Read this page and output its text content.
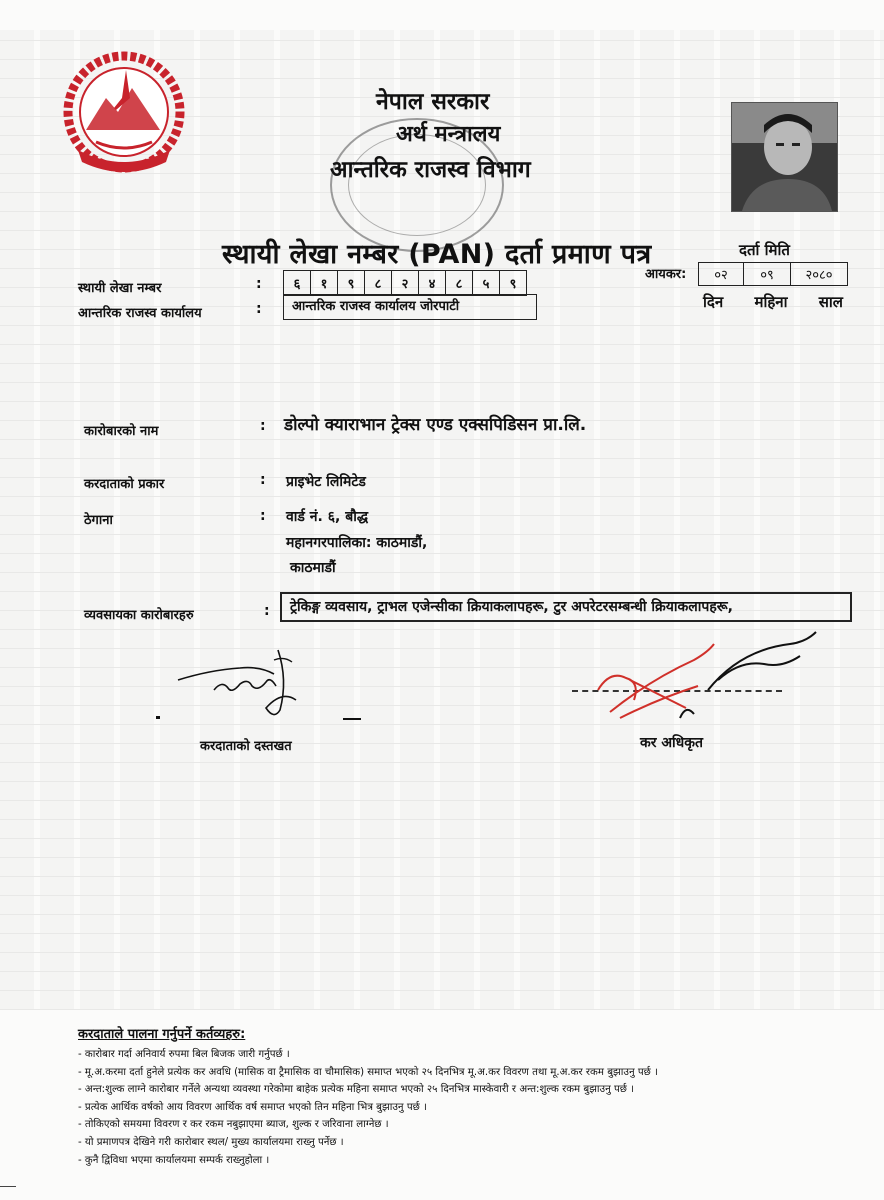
नेपाल सरकार
अर्थ मन्त्रालय
आन्तरिक राजस्व विभाग
स्थायी लेखा नम्बर (PAN) दर्ता प्रमाण पत्र	दर्ता मिति
आयकर:	०२	०९	२०८०
दिन महिना साल
स्थायी लेखा नम्बर	:	६	१	९	८	२	४	८	५	९
आन्तरिक राजस्व कार्यालय	:	आन्तरिक राजस्व कार्यालय जोरपाटी
कारोबारको नाम	: डोल्पो क्याराभान ट्रेक्स एण्ड एक्सपिडिसन प्रा.लि.
करदाताको प्रकार	: प्राइभेट लिमिटेड
ठेगाना	: वार्ड नं. ६, बौद्ध
महानगरपालिका: काठमाडौं,
काठमाडौं
व्यवसायका कारोबारहरु	:	ट्रेकिङ्ग व्यवसाय, ट्राभल एजेन्सीका क्रियाकलापहरू, टुर अपरेटरसम्बन्धी क्रियाकलापहरू,
करदाताको दस्तखत	कर अधिकृत
करदाताले पालना गर्नुपर्ने कर्तव्यहरु:
- कारोबार गर्दा अनिवार्य रुपमा बिल बिजक जारी गर्नुपर्छ ।
- मू.अ.करमा दर्ता हुनेले प्रत्येक कर अवधि (मासिक वा ट्रैमासिक वा चौमासिक) समाप्त भएको २५ दिनभित्र मू.अ.कर विवरण तथा मू.अ.कर रकम बुझाउनु पर्छ ।
- अन्त:शुल्क लाग्ने कारोबार गर्नेले अन्यथा व्यवस्था गरेकोमा बाहेक प्रत्येक महिना समाप्त भएको २५ दिनभित्र मास्केवारी र अन्त:शुल्क रकम बुझाउनु पर्छ ।
- प्रत्येक आर्थिक वर्षको आय विवरण आर्थिक वर्ष समाप्त भएको तिन महिना भित्र बुझाउनु पर्छ ।
- तोकिएको समयमा विवरण र कर रकम नबुझाएमा ब्याज, शुल्क र जरिवाना लाग्नेछ ।
- यो प्रमाणपत्र देखिने गरी कारोबार स्थल/ मुख्य कार्यालयमा राख्नु पर्नेछ ।
- कुनै द्विविधा भएमा कार्यालयमा सम्पर्क राख्नुहोला ।
